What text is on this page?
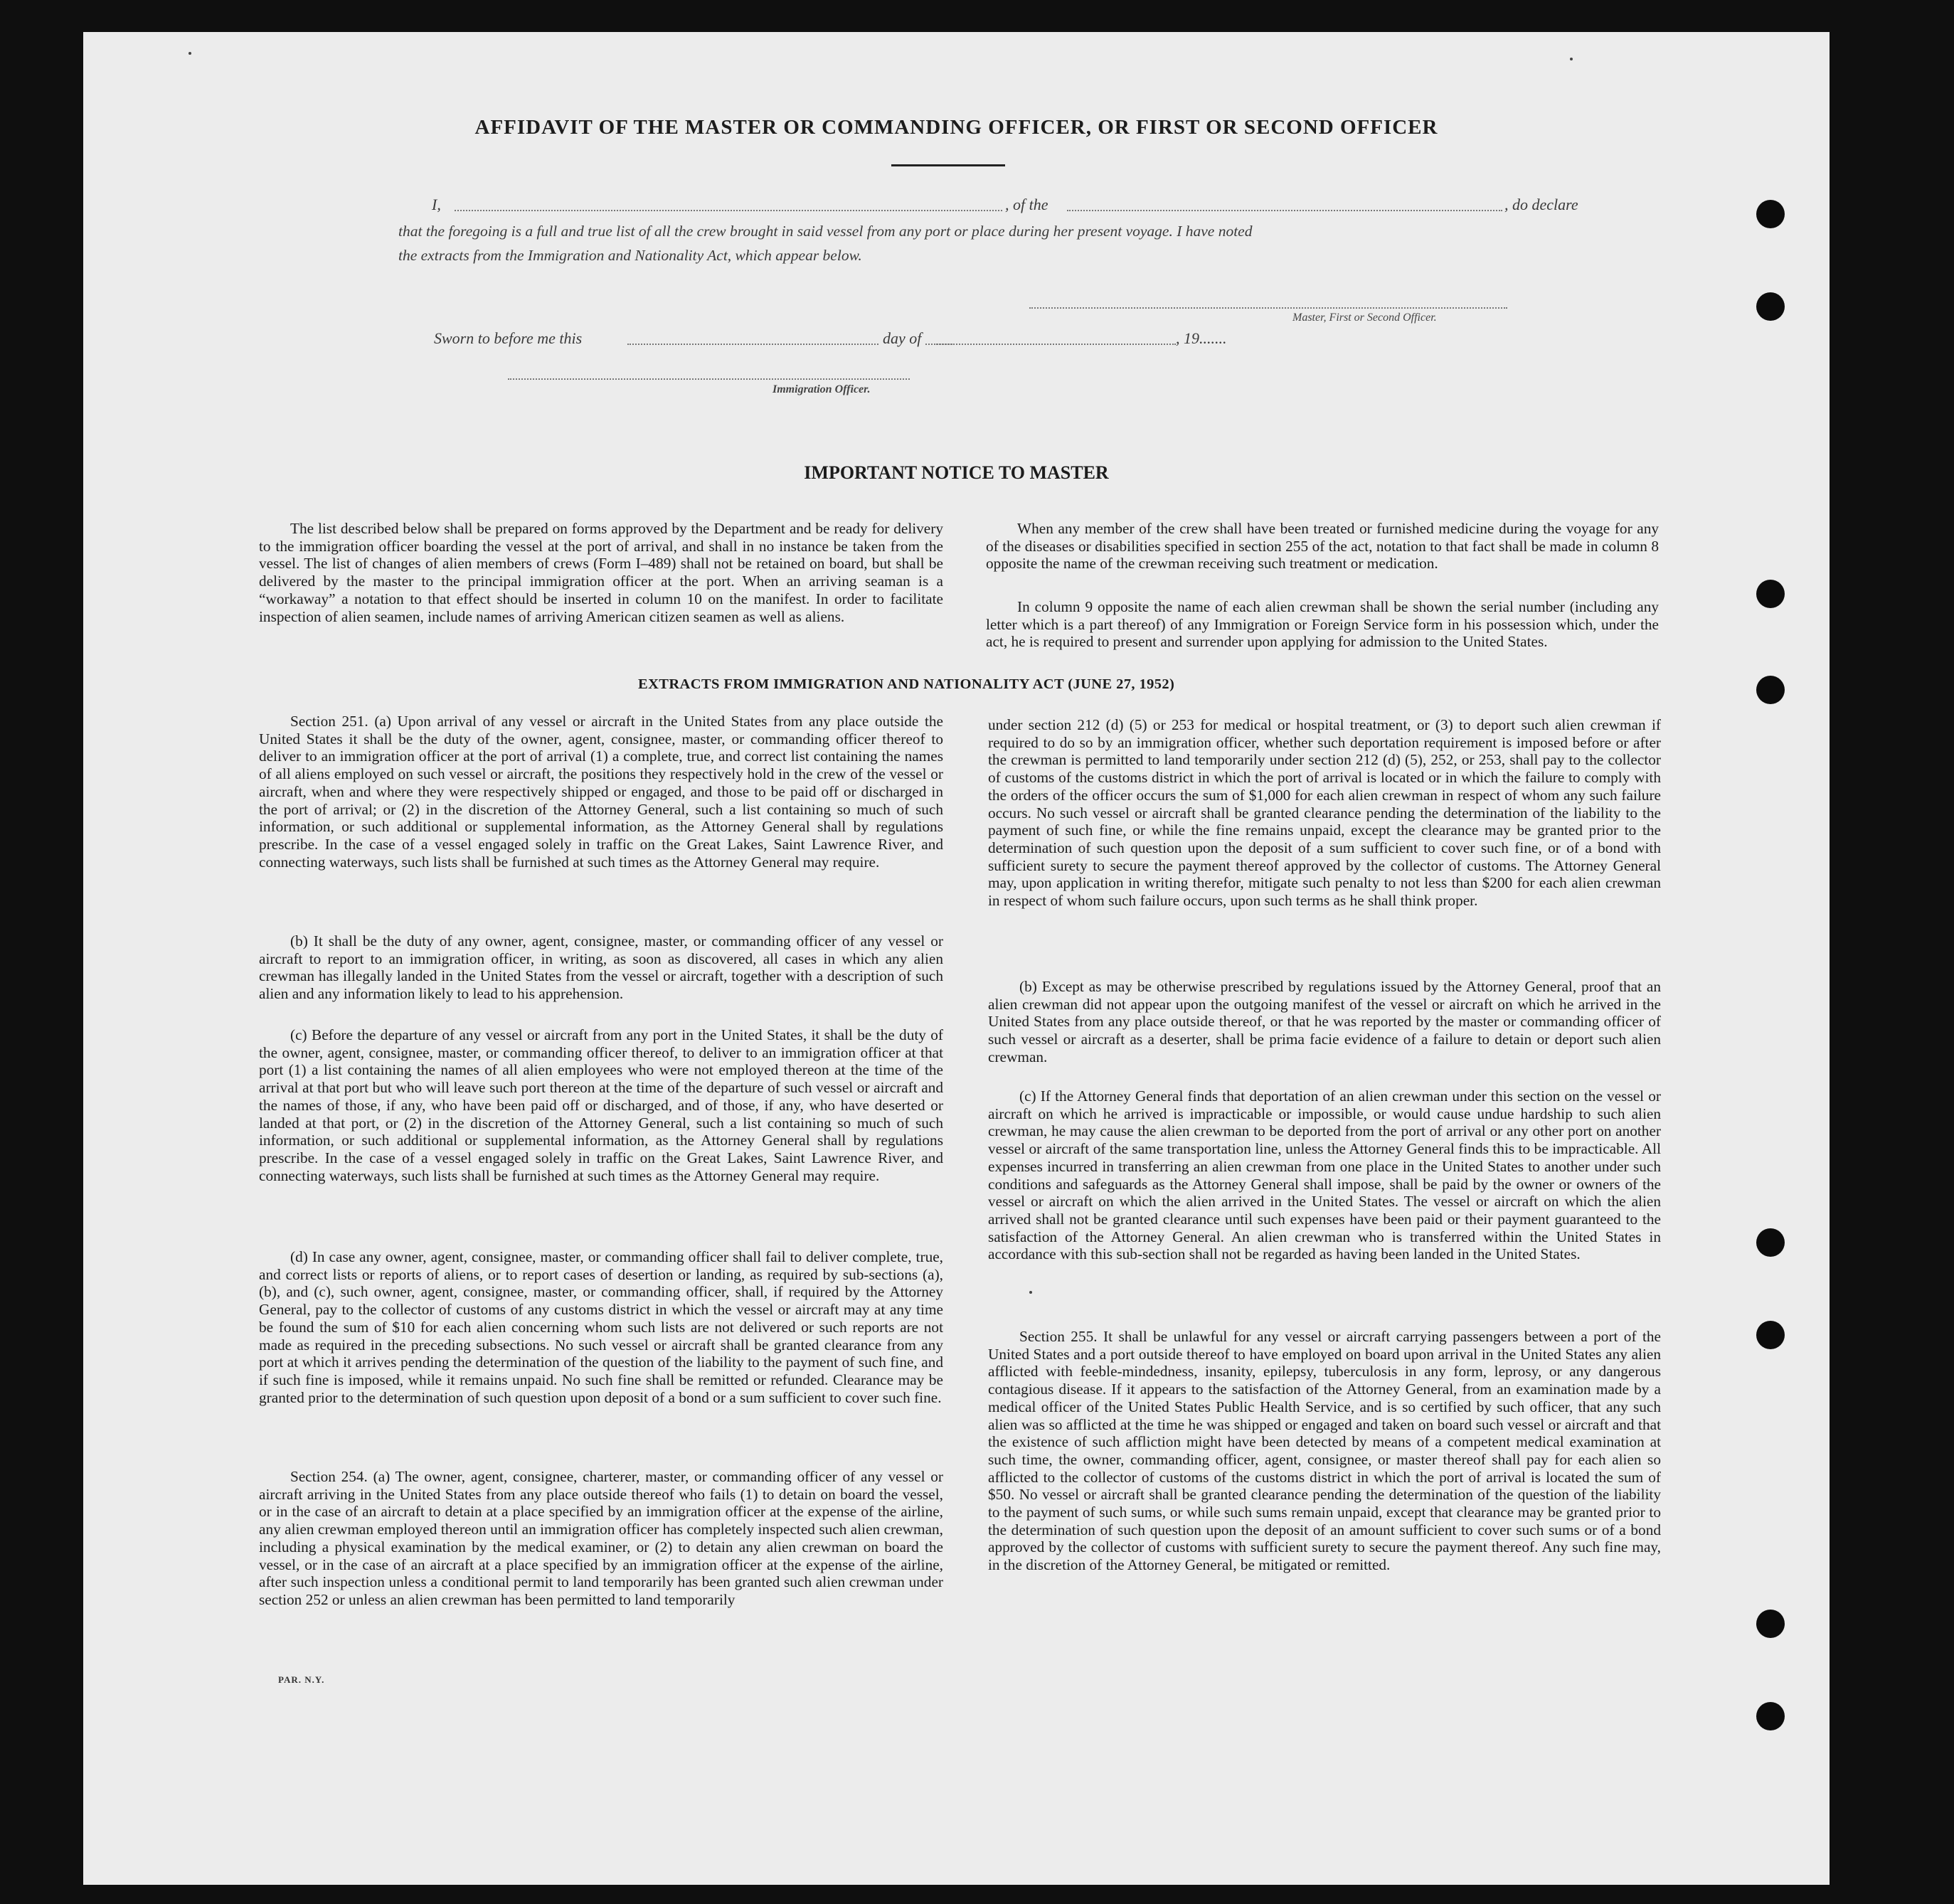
AFFIDAVIT OF THE MASTER OR COMMANDING OFFICER, OR FIRST OR SECOND OFFICER
I,	, of the	, do declare
that the foregoing is a full and true list of all the crew brought in said vessel from any port or place during her present voyage. I have noted
the extracts from the Immigration and Nationality Act, which appear below.
Master, First or Second Officer.
Sworn to before me this	day of	, 19.......
Immigration Officer.
IMPORTANT NOTICE TO MASTER

The list described below shall be prepared on forms approved by the Department and be ready for delivery to the immigration officer boarding the vessel at the port of arrival, and shall in no instance be taken from the vessel. The list of changes of alien members of crews (Form I–489) shall not be retained on board, but shall be delivered by the master to the principal immigration officer at the port. When an arriving seaman is a “workaway” a notation to that effect should be inserted in column 10 on the manifest. In order to facilitate inspection of alien seamen, include names of arriving American citizen seamen as well as aliens.

When any member of the crew shall have been treated or furnished medicine during the voyage for any of the diseases or disabilities specified in section 255 of the act, notation to that fact shall be made in column 8 opposite the name of the crewman receiving such treatment or medication.

In column 9 opposite the name of each alien crewman shall be shown the serial number (including any letter which is a part thereof) of any Immigration or Foreign Service form in his possession which, under the act, he is required to present and surrender upon applying for admission to the United States.

EXTRACTS FROM IMMIGRATION AND NATIONALITY ACT (JUNE 27, 1952)

Section 251. (a) Upon arrival of any vessel or aircraft in the United States from any place outside the United States it shall be the duty of the owner, agent, consignee, master, or commanding officer thereof to deliver to an immigration officer at the port of arrival (1) a complete, true, and correct list containing the names of all aliens employed on such vessel or aircraft, the positions they respectively hold in the crew of the vessel or aircraft, when and where they were respectively shipped or engaged, and those to be paid off or discharged in the port of arrival; or (2) in the discretion of the Attorney General, such a list containing so much of such information, or such additional or supplemental information, as the Attorney General shall by regulations prescribe. In the case of a vessel engaged solely in traffic on the Great Lakes, Saint Lawrence River, and connecting waterways, such lists shall be furnished at such times as the Attorney General may require.

(b) It shall be the duty of any owner, agent, consignee, master, or commanding officer of any vessel or aircraft to report to an immigration officer, in writing, as soon as discovered, all cases in which any alien crewman has illegally landed in the United States from the vessel or aircraft, together with a description of such alien and any information likely to lead to his apprehension.

(c) Before the departure of any vessel or aircraft from any port in the United States, it shall be the duty of the owner, agent, consignee, master, or commanding officer thereof, to deliver to an immigration officer at that port (1) a list containing the names of all alien employees who were not employed thereon at the time of the arrival at that port but who will leave such port thereon at the time of the departure of such vessel or aircraft and the names of those, if any, who have been paid off or discharged, and of those, if any, who have deserted or landed at that port, or (2) in the discretion of the Attorney General, such a list containing so much of such information, or such additional or supplemental information, as the Attorney General shall by regulations prescribe. In the case of a vessel engaged solely in traffic on the Great Lakes, Saint Lawrence River, and connecting waterways, such lists shall be furnished at such times as the Attorney General may require.

(d) In case any owner, agent, consignee, master, or commanding officer shall fail to deliver complete, true, and correct lists or reports of aliens, or to report cases of desertion or landing, as required by sub-sections (a), (b), and (c), such owner, agent, consignee, master, or commanding officer, shall, if required by the Attorney General, pay to the collector of customs of any customs district in which the vessel or aircraft may at any time be found the sum of $10 for each alien concerning whom such lists are not delivered or such reports are not made as required in the preceding subsections. No such vessel or aircraft shall be granted clearance from any port at which it arrives pending the determination of the question of the liability to the payment of such fine, and if such fine is imposed, while it remains unpaid. No such fine shall be remitted or refunded. Clearance may be granted prior to the determination of such question upon deposit of a bond or a sum sufficient to cover such fine.

Section 254. (a) The owner, agent, consignee, charterer, master, or commanding officer of any vessel or aircraft arriving in the United States from any place outside thereof who fails (1) to detain on board the vessel, or in the case of an aircraft to detain at a place specified by an immigration officer at the expense of the airline, any alien crewman employed thereon until an immigration officer has completely inspected such alien crewman, including a physical examination by the medical examiner, or (2) to detain any alien crewman on board the vessel, or in the case of an aircraft at a place specified by an immigration officer at the expense of the airline, after such inspection unless a conditional permit to land temporarily has been granted such alien crewman under section 252 or unless an alien crewman has been permitted to land temporarily

under section 212 (d) (5) or 253 for medical or hospital treatment, or (3) to deport such alien crewman if required to do so by an immigration officer, whether such deportation requirement is imposed before or after the crewman is permitted to land temporarily under section 212 (d) (5), 252, or 253, shall pay to the collector of customs of the customs district in which the port of arrival is located or in which the failure to comply with the orders of the officer occurs the sum of $1,000 for each alien crewman in respect of whom any such failure occurs. No such vessel or aircraft shall be granted clearance pending the determination of the liability to the payment of such fine, or while the fine remains unpaid, except the clearance may be granted prior to the determination of such question upon the deposit of a sum sufficient to cover such fine, or of a bond with sufficient surety to secure the payment thereof approved by the collector of customs. The Attorney General may, upon application in writing therefor, mitigate such penalty to not less than $200 for each alien crewman in respect of whom such failure occurs, upon such terms as he shall think proper.

(b) Except as may be otherwise prescribed by regulations issued by the Attorney General, proof that an alien crewman did not appear upon the outgoing manifest of the vessel or aircraft on which he arrived in the United States from any place outside thereof, or that he was reported by the master or commanding officer of such vessel or aircraft as a deserter, shall be prima facie evidence of a failure to detain or deport such alien crewman.

(c) If the Attorney General finds that deportation of an alien crewman under this section on the vessel or aircraft on which he arrived is impracticable or impossible, or would cause undue hardship to such alien crewman, he may cause the alien crewman to be deported from the port of arrival or any other port on another vessel or aircraft of the same transportation line, unless the Attorney General finds this to be impracticable. All expenses incurred in transferring an alien crewman from one place in the United States to another under such conditions and safeguards as the Attorney General shall impose, shall be paid by the owner or owners of the vessel or aircraft on which the alien arrived in the United States. The vessel or aircraft on which the alien arrived shall not be granted clearance until such expenses have been paid or their payment guaranteed to the satisfaction of the Attorney General. An alien crewman who is transferred within the United States in accordance with this sub-section shall not be regarded as having been landed in the United States.

Section 255. It shall be unlawful for any vessel or aircraft carrying passengers between a port of the United States and a port outside thereof to have employed on board upon arrival in the United States any alien afflicted with feeble-mindedness, insanity, epilepsy, tuberculosis in any form, leprosy, or any dangerous contagious disease. If it appears to the satisfaction of the Attorney General, from an examination made by a medical officer of the United States Public Health Service, and is so certified by such officer, that any such alien was so afflicted at the time he was shipped or engaged and taken on board such vessel or aircraft and that the existence of such affliction might have been detected by means of a competent medical examination at such time, the owner, commanding officer, agent, consignee, or master thereof shall pay for each alien so afflicted to the collector of customs of the customs district in which the port of arrival is located the sum of $50. No vessel or aircraft shall be granted clearance pending the determination of the question of the liability to the payment of such sums, or while such sums remain unpaid, except that clearance may be granted prior to the determination of such question upon the deposit of an amount sufficient to cover such sums or of a bond approved by the collector of customs with sufficient surety to secure the payment thereof. Any such fine may, in the discretion of the Attorney General, be mitigated or remitted.

PAR. N.Y.
